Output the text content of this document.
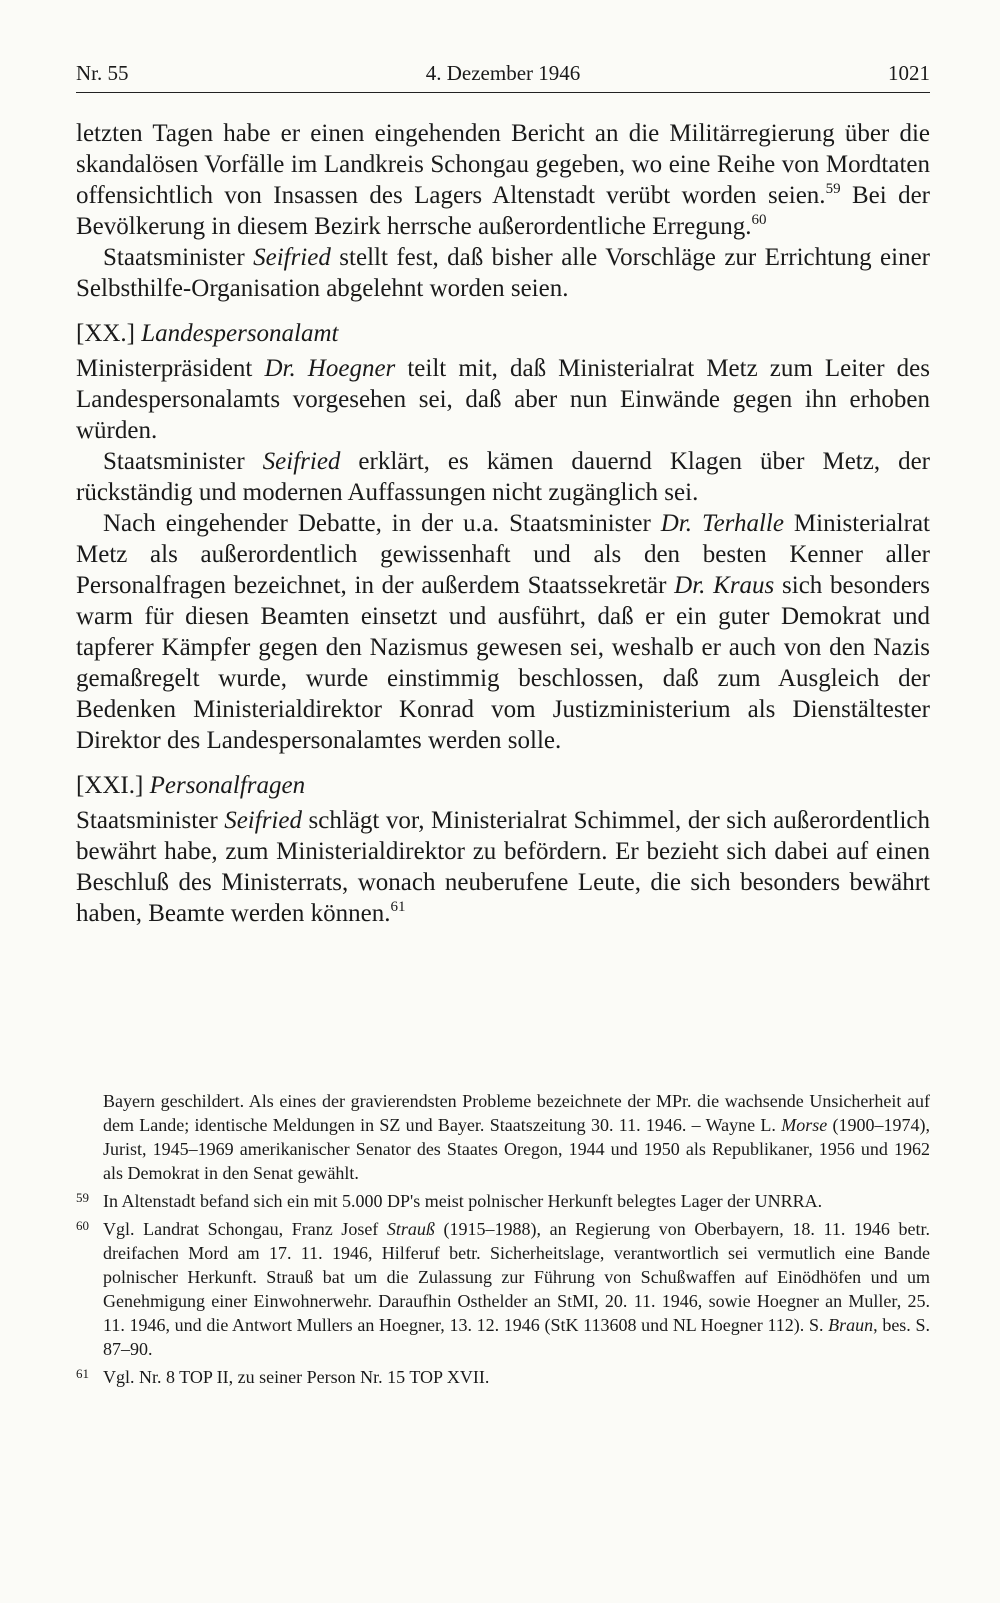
Nr. 55	4. Dezember 1946	1021

letzten Tagen habe er einen eingehenden Bericht an die Militärregierung über die skandalösen Vorfälle im Landkreis Schongau gegeben, wo eine Reihe von Mordtaten offensichtlich von Insassen des Lagers Altenstadt verübt worden seien.$^{59}$ Bei der Bevölkerung in diesem Bezirk herrsche außerordentliche Erregung.$^{60}$

Staatsminister Seifried stellt fest, daß bisher alle Vorschläge zur Errichtung einer Selbsthilfe-Organisation abgelehnt worden seien.

[XX.] Landespersonalamt

Ministerpräsident Dr. Hoegner teilt mit, daß Ministerialrat Metz zum Leiter des Landespersonalamts vorgesehen sei, daß aber nun Einwände gegen ihn erhoben würden.

Staatsminister Seifried erklärt, es kämen dauernd Klagen über Metz, der rückständig und modernen Auffassungen nicht zugänglich sei.

Nach eingehender Debatte, in der u.a. Staatsminister Dr. Terhalle Ministerialrat Metz als außerordentlich gewissenhaft und als den besten Kenner aller Personalfragen bezeichnet, in der außerdem Staatssekretär Dr. Kraus sich besonders warm für diesen Beamten einsetzt und ausführt, daß er ein guter Demokrat und tapferer Kämpfer gegen den Nazismus gewesen sei, weshalb er auch von den Nazis gemaßregelt wurde, wurde einstimmig beschlossen, daß zum Ausgleich der Bedenken Ministerialdirektor Konrad vom Justizministerium als Dienstältester Direktor des Landespersonalamtes werden solle.

[XXI.] Personalfragen

Staatsminister Seifried schlägt vor, Ministerialrat Schimmel, der sich außerordentlich bewährt habe, zum Ministerialdirektor zu befördern. Er bezieht sich dabei auf einen Beschluß des Ministerrats, wonach neuberufene Leute, die sich besonders bewährt haben, Beamte werden können.$^{61}$

Bayern geschildert. Als eines der gravierendsten Probleme bezeichnete der MPr. die wachsende Unsicherheit auf dem Lande; identische Meldungen in SZ und Bayer. Staatszeitung 30. 11. 1946. – Wayne L. Morse (1900–1974), Jurist, 1945–1969 amerikanischer Senator des Staates Oregon, 1944 und 1950 als Republikaner, 1956 und 1962 als Demokrat in den Senat gewählt.

59 In Altenstadt befand sich ein mit 5.000 DP's meist polnischer Herkunft belegtes Lager der UNRRA.
60 Vgl. Landrat Schongau, Franz Josef Strauß (1915–1988), an Regierung von Oberbayern, 18. 11. 1946 betr. dreifachen Mord am 17. 11. 1946, Hilferuf betr. Sicherheitslage, verantwortlich sei vermutlich eine Bande polnischer Herkunft. Strauß bat um die Zulassung zur Führung von Schußwaffen auf Einödhöfen und um Genehmigung einer Einwohnerwehr. Daraufhin Osthelder an StMI, 20. 11. 1946, sowie Hoegner an Muller, 25. 11. 1946, und die Antwort Mullers an Hoegner, 13. 12. 1946 (StK 113608 und NL Hoegner 112). S. Braun, bes. S. 87–90.
61 Vgl. Nr. 8 TOP II, zu seiner Person Nr. 15 TOP XVII.
